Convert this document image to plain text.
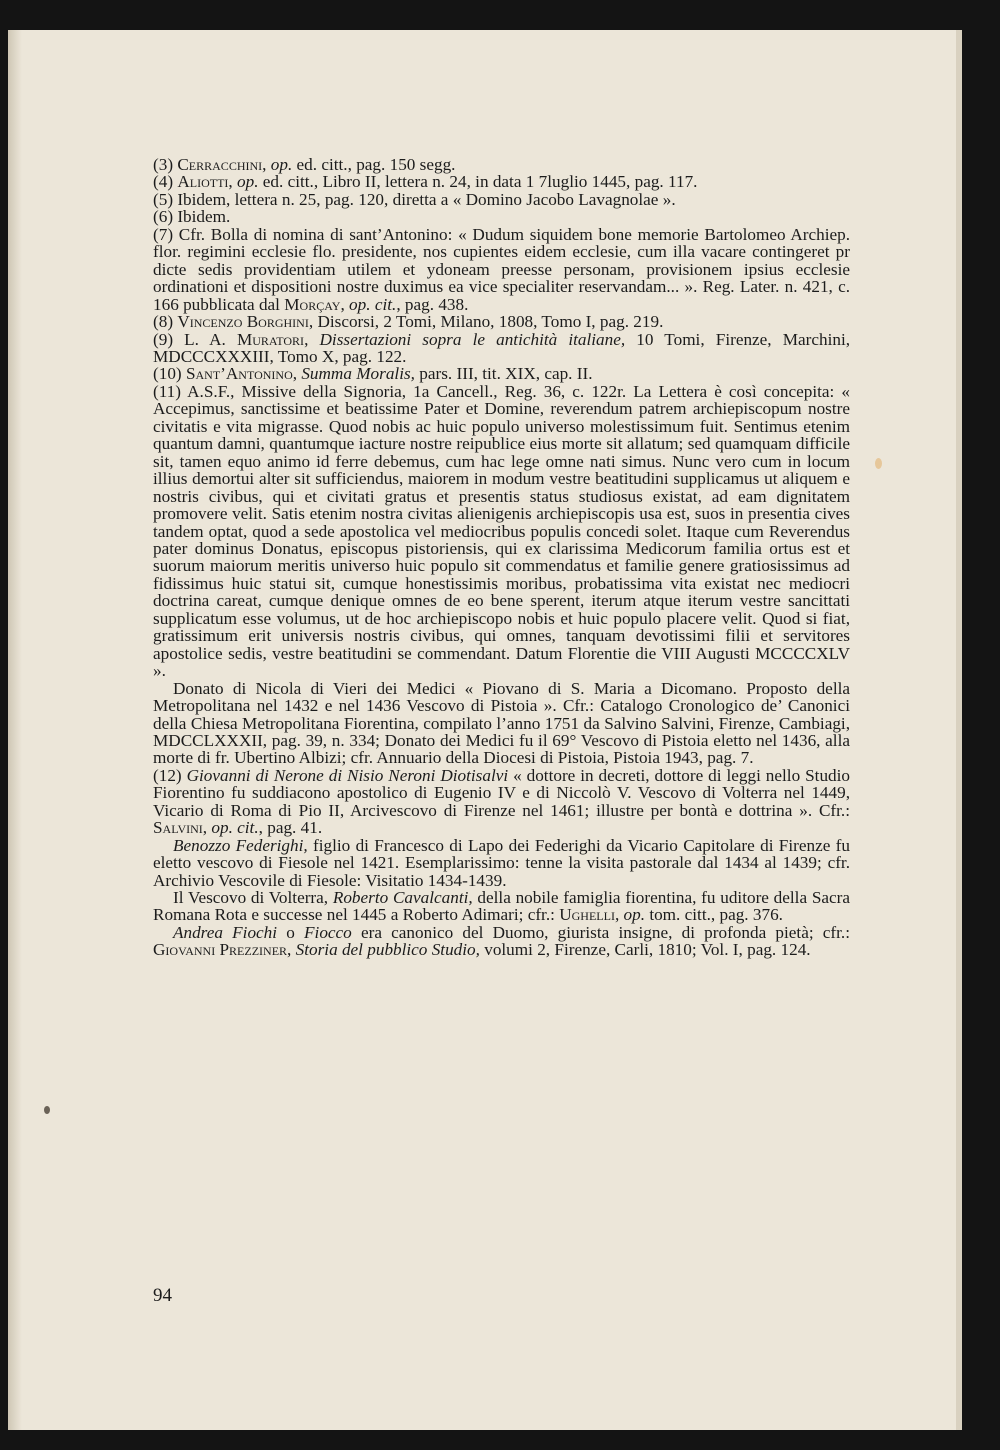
(3) Cerracchini, op. ed. citt., pag. 150 segg.

(4) Aliotti, op. ed. citt., Libro II, lettera n. 24, in data 1 7luglio 1445, pag. 117.

(5) Ibidem, lettera n. 25, pag. 120, diretta a « Domino Jacobo Lavagnolae ».

(6) Ibidem.

(7) Cfr. Bolla di nomina di sant’Antonino: « Dudum siquidem bone memorie Bartolomeo Archiep. flor. regimini ecclesie flo. presidente, nos cupientes eidem ecclesie, cum illa vacare contingeret pr dicte sedis providentiam utilem et ydoneam preesse personam, provisionem ipsius ecclesie ordinationi et dispositioni nostre duximus ea vice specialiter reservandam... ». Reg. Later. n. 421, c. 166 pubblicata dal Morçay, op. cit., pag. 438.

(8) Vincenzo Borghini, Discorsi, 2 Tomi, Milano, 1808, Tomo I, pag. 219.

(9) L. A. Muratori, Dissertazioni sopra le antichità italiane, 10 Tomi, Firenze, Marchini, MDCCCXXXIII, Tomo X, pag. 122.

(10) Sant’Antonino, Summa Moralis, pars. III, tit. XIX, cap. II.

(11) A.S.F., Missive della Signoria, 1a Cancell., Reg. 36, c. 122r. La Lettera è così concepita: « Accepimus, sanctissime et beatissime Pater et Domine, reverendum patrem archiepiscopum nostre civitatis e vita migrasse. Quod nobis ac huic populo universo molestissimum fuit. Sentimus etenim quantum damni, quantumque iacture nostre reipublice eius morte sit allatum; sed quamquam difficile sit, tamen equo animo id ferre debemus, cum hac lege omne nati simus. Nunc vero cum in locum illius demortui alter sit sufficiendus, maiorem in modum vestre beatitudini supplicamus ut aliquem e nostris civibus, qui et civitati gratus et presentis status studiosus existat, ad eam dignitatem promovere velit. Satis etenim nostra civitas alienigenis archiepiscopis usa est, suos in presentia cives tandem optat, quod a sede apostolica vel mediocribus populis concedi solet. Itaque cum Reverendus pater dominus Donatus, episcopus pistoriensis, qui ex clarissima Medicorum familia ortus est et suorum maiorum meritis universo huic populo sit commendatus et familie genere gratiosissimus ad fidissimus huic statui sit, cumque honestissimis moribus, probatissima vita existat nec mediocri doctrina careat, cumque denique omnes de eo bene sperent, iterum atque iterum vestre sancittati supplicatum esse volumus, ut de hoc archiepiscopo nobis et huic populo placere velit. Quod si fiat, gratissimum erit universis nostris civibus, qui omnes, tanquam devotissimi filii et servitores apostolice sedis, vestre beatitudini se commendant. Datum Florentie die VIII Augusti MCCCCXLV ».

Donato di Nicola di Vieri dei Medici « Piovano di S. Maria a Dicomano. Proposto della Metropolitana nel 1432 e nel 1436 Vescovo di Pistoia ». Cfr.: Catalogo Cronologico de’ Canonici della Chiesa Metropolitana Fiorentina, compilato l’anno 1751 da Salvino Salvini, Firenze, Cambiagi, MDCCLXXXII, pag. 39, n. 334; Donato dei Medici fu il 69° Vescovo di Pistoia eletto nel 1436, alla morte di fr. Ubertino Albizi; cfr. Annuario della Diocesi di Pistoia, Pistoia 1943, pag. 7.

(12) Giovanni di Nerone di Nisio Neroni Diotisalvi « dottore in decreti, dottore di leggi nello Studio Fiorentino fu suddiacono apostolico di Eugenio IV e di Niccolò V. Vescovo di Volterra nel 1449, Vicario di Roma di Pio II, Arcivescovo di Firenze nel 1461; illustre per bontà e dottrina ». Cfr.: Salvini, op. cit., pag. 41.

Benozzo Federighi, figlio di Francesco di Lapo dei Federighi da Vicario Capitolare di Firenze fu eletto vescovo di Fiesole nel 1421. Esemplarissimo: tenne la visita pastorale dal 1434 al 1439; cfr. Archivio Vescovile di Fiesole: Visitatio 1434-1439.

Il Vescovo di Volterra, Roberto Cavalcanti, della nobile famiglia fiorentina, fu uditore della Sacra Romana Rota e successe nel 1445 a Roberto Adimari; cfr.: Ughelli, op. tom. citt., pag. 376.

Andrea Fiochi o Fiocco era canonico del Duomo, giurista insigne, di profonda pietà; cfr.: Giovanni Prezziner, Storia del pubblico Studio, volumi 2, Firenze, Carli, 1810; Vol. I, pag. 124.

94
